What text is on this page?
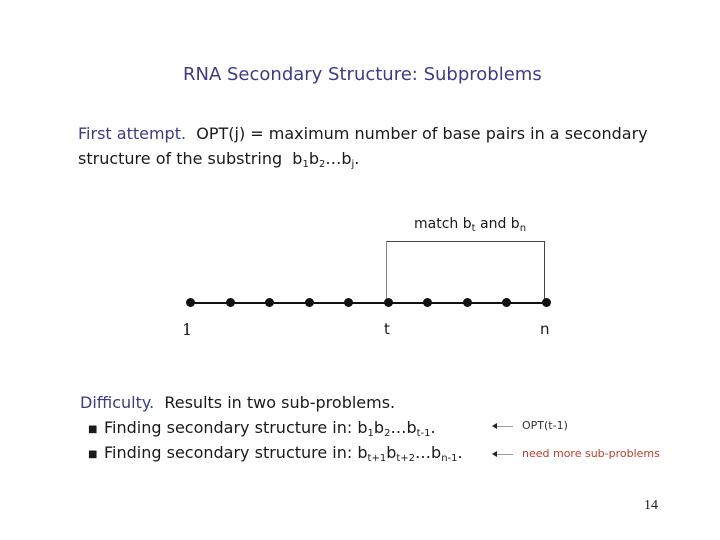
RNA Secondary Structure: Subproblems
First attempt. OPT(j) = maximum number of base pairs in a secondary
structure of the substring  $b_1b_2\dots b_j$.
match $b_t$ and $b_n$
1	t	n
Difficulty. Results in two sub-problems.
■ Finding secondary structure in: $b_1b_2\dots b_{t-1}$.	OPT(t-1)
■ Finding secondary structure in: $b_{t+1}b_{t+2}\dots b_{n-1}$.	need more sub-problems
14
